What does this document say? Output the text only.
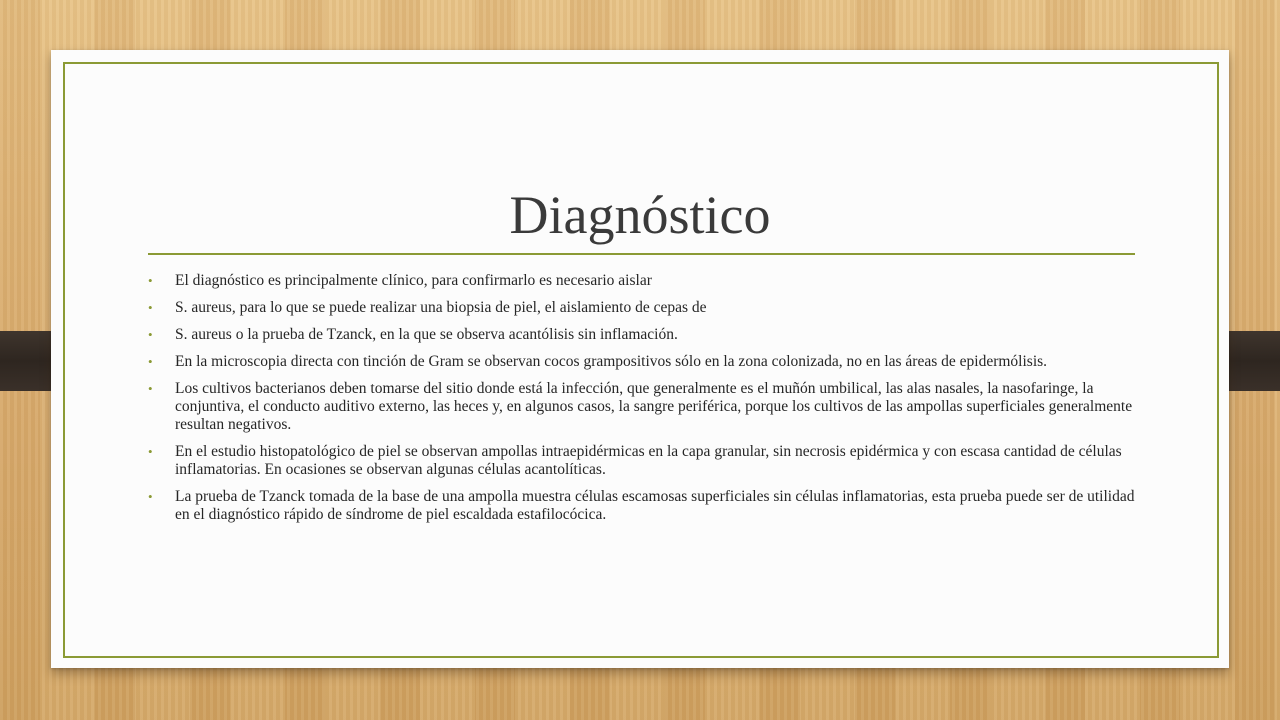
Diagnóstico
• El diagnóstico es principalmente clínico, para confirmarlo es necesario aislar
• S. aureus, para lo que se puede realizar una biopsia de piel, el aislamiento de cepas de
• S. aureus o la prueba de Tzanck, en la que se observa acantólisis sin inflamación.
• En la microscopia directa con tinción de Gram se observan cocos grampositivos sólo en la zona colonizada, no en las áreas de epidermólisis.
• Los cultivos bacterianos deben tomarse del sitio donde está la infección, que generalmente es el muñón umbilical, las alas nasales, la nasofaringe, la conjuntiva, el conducto auditivo externo, las heces y, en algunos casos, la sangre periférica, porque los cultivos de las ampollas superficiales generalmente resultan negativos.
• En el estudio histopatológico de piel se observan ampollas intraepidérmicas en la capa granular, sin necrosis epidérmica y con escasa cantidad de células inflamatorias. En ocasiones se observan algunas células acantolíticas.
• La prueba de Tzanck tomada de la base de una ampolla muestra células escamosas superficiales sin células inflamatorias, esta prueba puede ser de utilidad en el diagnóstico rápido de síndrome de piel escaldada estafilocócica.
